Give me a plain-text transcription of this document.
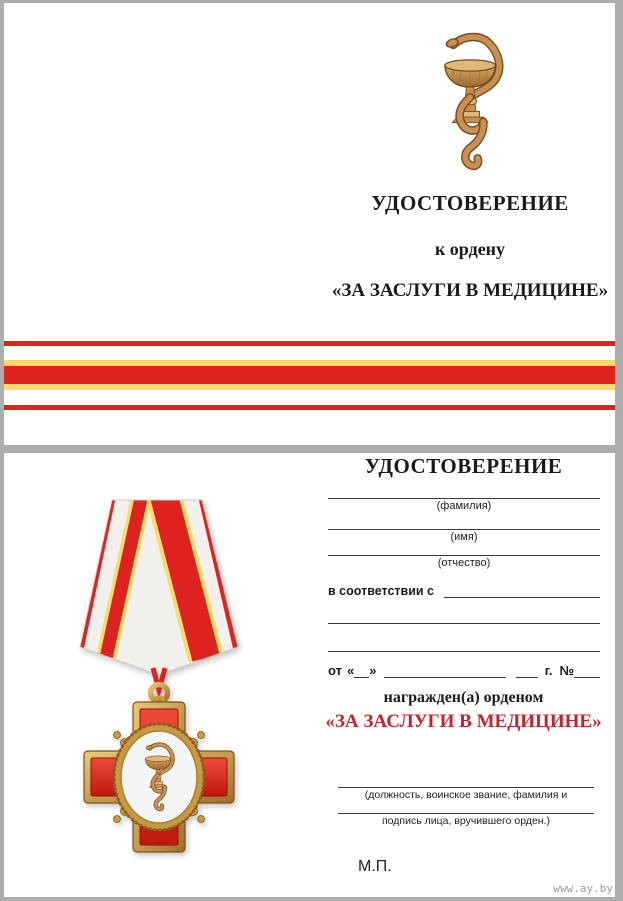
УДОСТОВЕРЕНИЕ
к ордену
«ЗА ЗАСЛУГИ В МЕДИЦИНЕ»
УДОСТОВЕРЕНИЕ
(фамилия)
(имя)
(отчество)
в соответствии с
от « »	г. №
награжден(а) орденом
«ЗА ЗАСЛУГИ В МЕДИЦИНЕ»
(должность, воинское звание, фамилия и
подпись лица, вручившего орден.)
М.П.
www.ay.by
